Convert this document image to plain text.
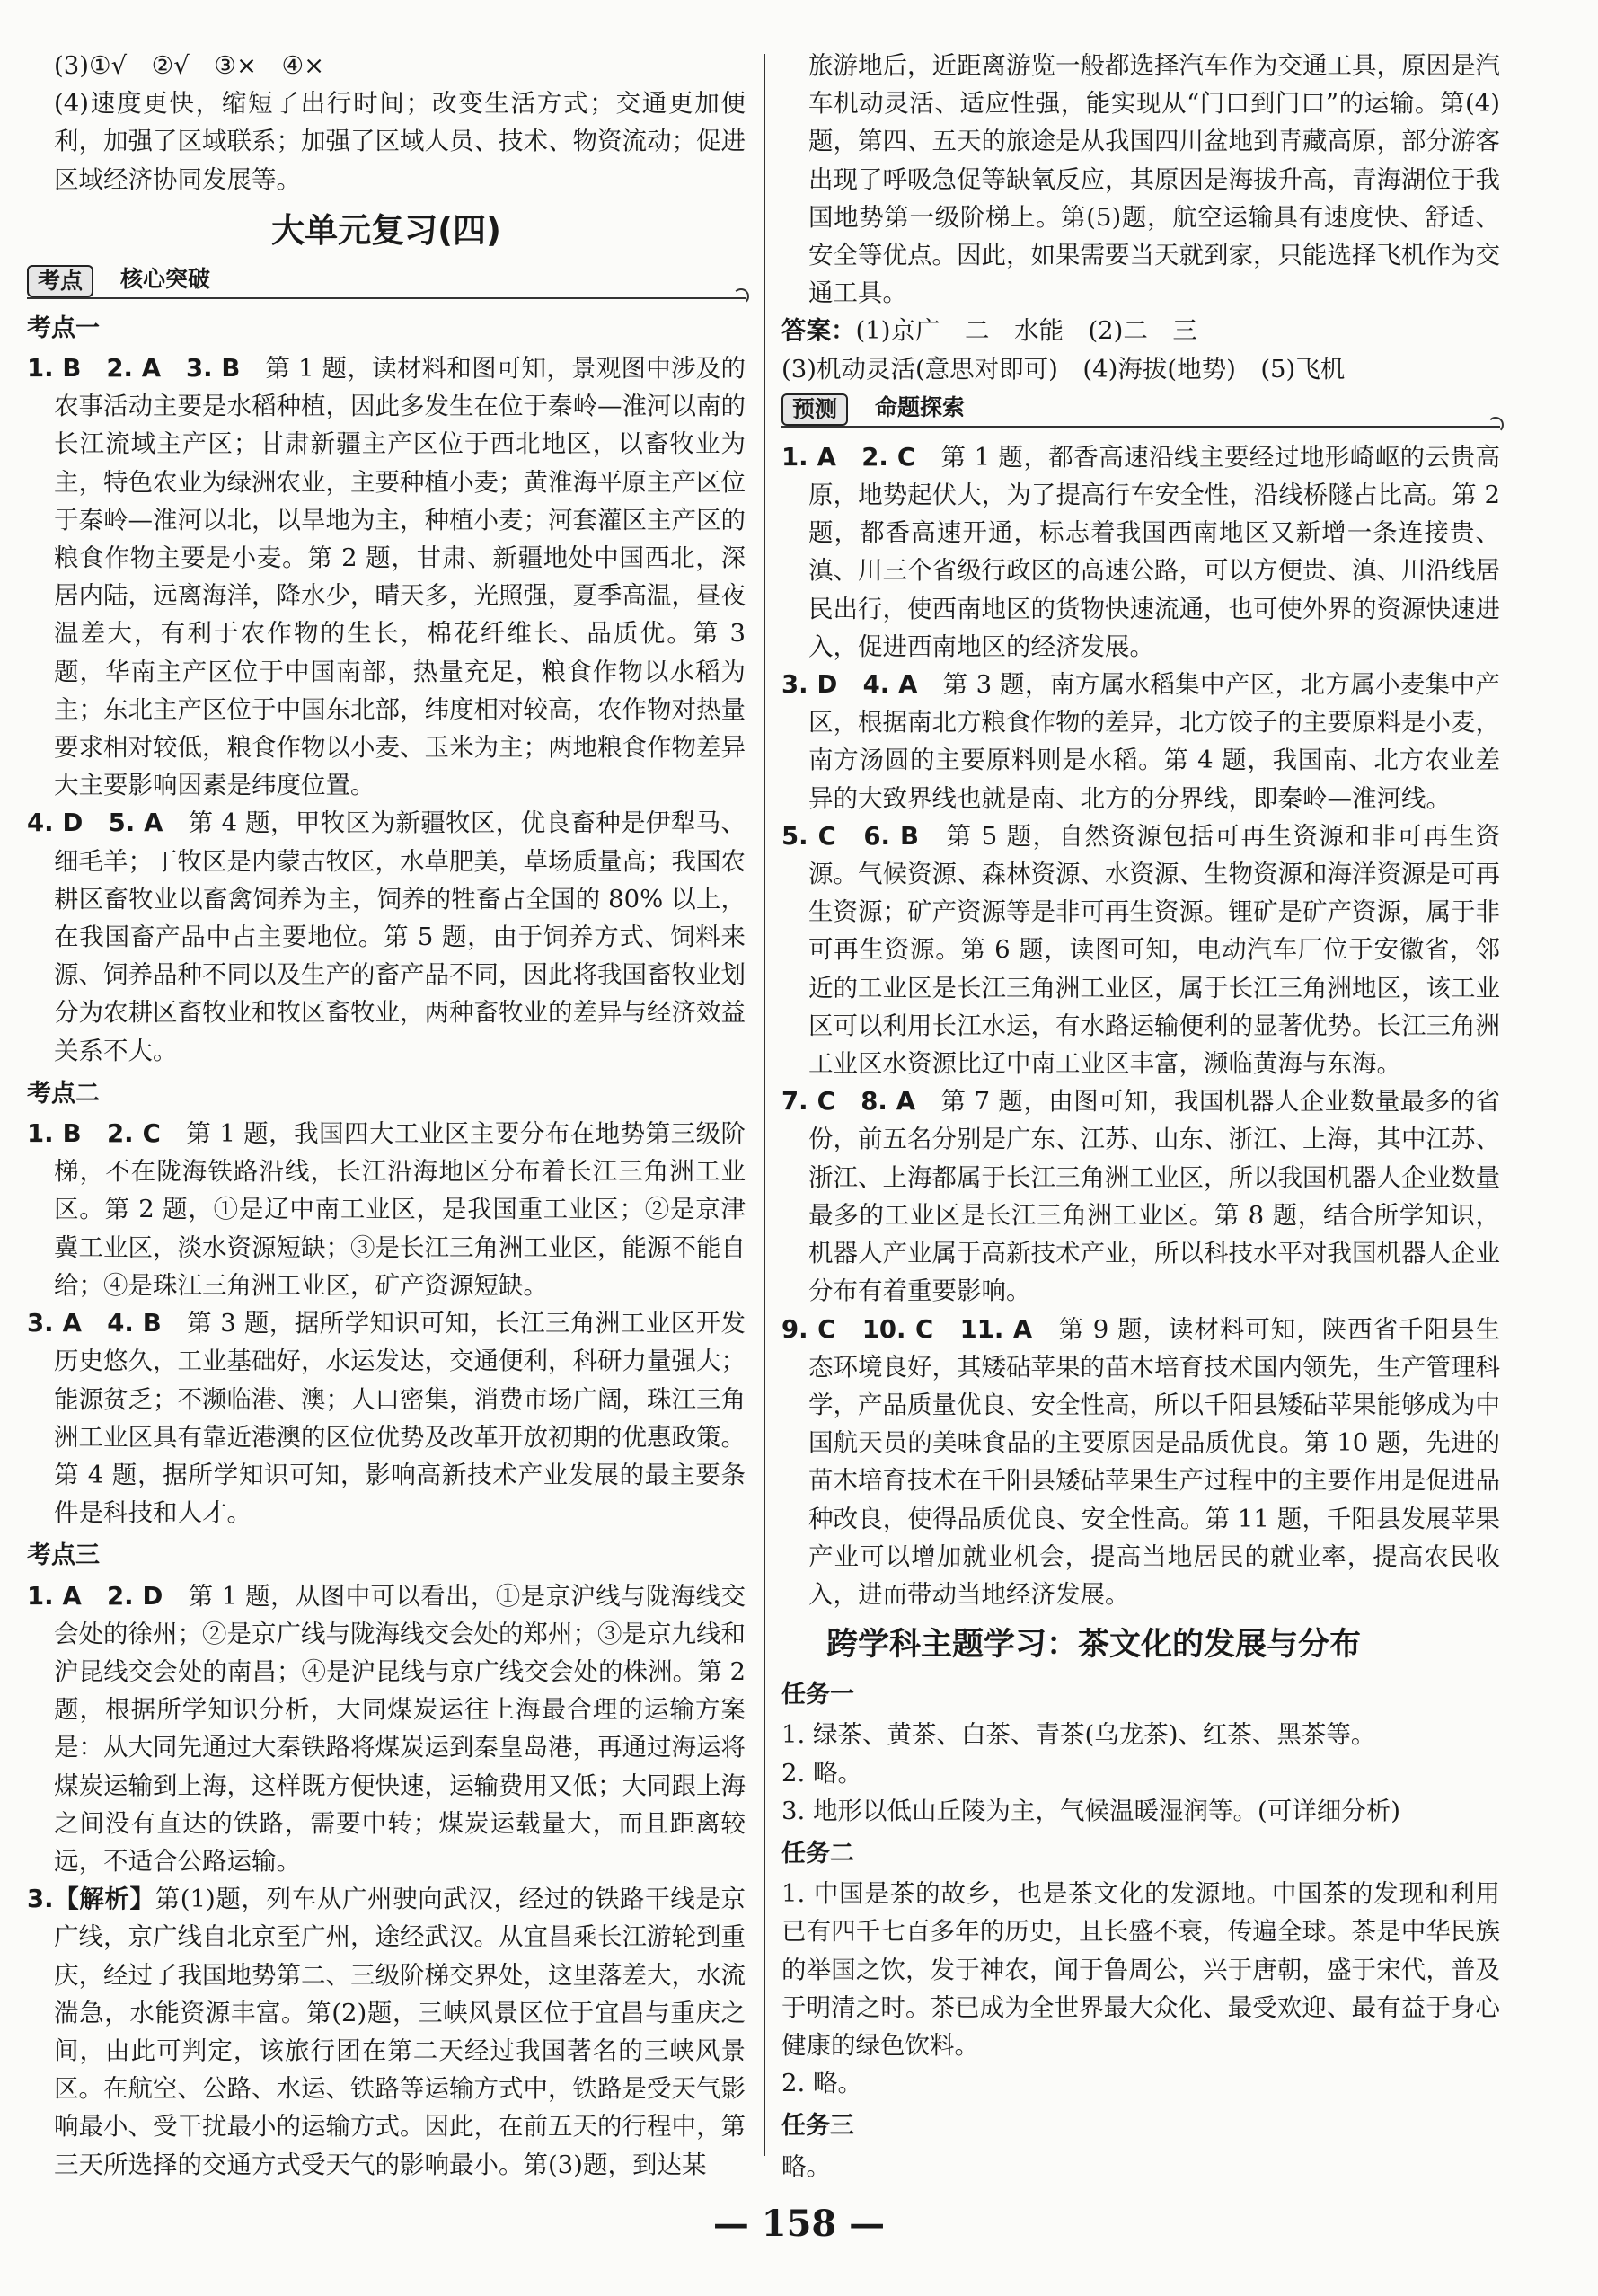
(3)①√　②√　③×　④×

(4)速度更快，缩短了出行时间；改变生活方式；交通更加便利，加强了区域联系；加强了区域人员、技术、物资流动；促进区域经济协同发展等。

大单元复习(四)

考点	核心突破

考点一

1. B　2. A　3. B　 第 1 题，读材料和图可知，景观图中涉及的农事活动主要是水稻种植，因此多发生在位于秦岭—淮河以南的长江流域主产区；甘肃新疆主产区位于西北地区，以畜牧业为主，特色农业为绿洲农业，主要种植小麦；黄淮海平原主产区位于秦岭—淮河以北，以旱地为主，种植小麦；河套灌区主产区的粮食作物主要是小麦。第 2 题，甘肃、新疆地处中国西北，深居内陆，远离海洋，降水少，晴天多，光照强，夏季高温，昼夜温差大，有利于农作物的生长，棉花纤维长、品质优。第 3 题，华南主产区位于中国南部，热量充足，粮食作物以水稻为主；东北主产区位于中国东北部，纬度相对较高，农作物对热量要求相对较低，粮食作物以小麦、玉米为主；两地粮食作物差异大主要影响因素是纬度位置。

4. D　5. A　 第 4 题，甲牧区为新疆牧区，优良畜种是伊犁马、细毛羊；丁牧区是内蒙古牧区，水草肥美，草场质量高；我国农耕区畜牧业以畜禽饲养为主，饲养的牲畜占全国的 80% 以上，在我国畜产品中占主要地位。第 5 题，由于饲养方式、饲料来源、饲养品种不同以及生产的畜产品不同，因此将我国畜牧业划分为农耕区畜牧业和牧区畜牧业，两种畜牧业的差异与经济效益关系不大。

考点二

1. B　2. C　 第 1 题，我国四大工业区主要分布在地势第三级阶梯，不在陇海铁路沿线，长江沿海地区分布着长江三角洲工业区。第 2 题，①是辽中南工业区，是我国重工业区；②是京津冀工业区，淡水资源短缺；③是长江三角洲工业区，能源不能自给；④是珠江三角洲工业区，矿产资源短缺。

3. A　4. B　 第 3 题，据所学知识可知，长江三角洲工业区开发历史悠久，工业基础好，水运发达，交通便利，科研力量强大；能源贫乏；不濒临港、澳；人口密集，消费市场广阔，珠江三角洲工业区具有靠近港澳的区位优势及改革开放初期的优惠政策。第 4 题，据所学知识可知，影响高新技术产业发展的最主要条件是科技和人才。

考点三

1. A　2. D　 第 1 题，从图中可以看出，①是京沪线与陇海线交会处的徐州；②是京广线与陇海线交会处的郑州；③是京九线和沪昆线交会处的南昌；④是沪昆线与京广线交会处的株洲。第 2 题，根据所学知识分析，大同煤炭运往上海最合理的运输方案是：从大同先通过大秦铁路将煤炭运到秦皇岛港，再通过海运将煤炭运输到上海，这样既方便快速，运输费用又低；大同跟上海之间没有直达的铁路，需要中转；煤炭运载量大，而且距离较远，不适合公路运输。

3.【解析】第(1)题，列车从广州驶向武汉，经过的铁路干线是京广线，京广线自北京至广州，途经武汉。从宜昌乘长江游轮到重庆，经过了我国地势第二、三级阶梯交界处，这里落差大，水流湍急，水能资源丰富。第(2)题，三峡风景区位于宜昌与重庆之间，由此可判定，该旅行团在第二天经过我国著名的三峡风景区。在航空、公路、水运、铁路等运输方式中，铁路是受天气影响最小、受干扰最小的运输方式。因此，在前五天的行程中，第三天所选择的交通方式受天气的影响最小。第(3)题，到达某

旅游地后，近距离游览一般都选择汽车作为交通工具，原因是汽车机动灵活、适应性强，能实现从“门口到门口”的运输。第(4)题，第四、五天的旅途是从我国四川盆地到青藏高原，部分游客出现了呼吸急促等缺氧反应，其原因是海拔升高，青海湖位于我国地势第一级阶梯上。第(5)题，航空运输具有速度快、舒适、安全等优点。因此，如果需要当天就到家，只能选择飞机作为交通工具。

答案：(1)京广　二　水能　(2)二　三

(3)机动灵活(意思对即可)　(4)海拔(地势)　(5)飞机

预测	命题探索

1. A　2. C　 第 1 题，都香高速沿线主要经过地形崎岖的云贵高原，地势起伏大，为了提高行车安全性，沿线桥隧占比高。第 2 题，都香高速开通，标志着我国西南地区又新增一条连接贵、滇、川三个省级行政区的高速公路，可以方便贵、滇、川沿线居民出行，使西南地区的货物快速流通，也可使外界的资源快速进入，促进西南地区的经济发展。

3. D　4. A　 第 3 题，南方属水稻集中产区，北方属小麦集中产区，根据南北方粮食作物的差异，北方饺子的主要原料是小麦，南方汤圆的主要原料则是水稻。第 4 题，我国南、北方农业差异的大致界线也就是南、北方的分界线，即秦岭—淮河线。

5. C　6. B　 第 5 题，自然资源包括可再生资源和非可再生资源。气候资源、森林资源、水资源、生物资源和海洋资源是可再生资源；矿产资源等是非可再生资源。锂矿是矿产资源，属于非可再生资源。第 6 题，读图可知，电动汽车厂位于安徽省，邻近的工业区是长江三角洲工业区，属于长江三角洲地区，该工业区可以利用长江水运，有水路运输便利的显著优势。长江三角洲工业区水资源比辽中南工业区丰富，濒临黄海与东海。

7. C　8. A　 第 7 题，由图可知，我国机器人企业数量最多的省份，前五名分别是广东、江苏、山东、浙江、上海，其中江苏、浙江、上海都属于长江三角洲工业区，所以我国机器人企业数量最多的工业区是长江三角洲工业区。第 8 题，结合所学知识，机器人产业属于高新技术产业，所以科技水平对我国机器人企业分布有着重要影响。

9. C　10. C　11. A　 第 9 题，读材料可知，陕西省千阳县生态环境良好，其矮砧苹果的苗木培育技术国内领先，生产管理科学，产品质量优良、安全性高，所以千阳县矮砧苹果能够成为中国航天员的美味食品的主要原因是品质优良。第 10 题，先进的苗木培育技术在千阳县矮砧苹果生产过程中的主要作用是促进品种改良，使得品质优良、安全性高。第 11 题，千阳县发展苹果产业可以增加就业机会，提高当地居民的就业率，提高农民收入，进而带动当地经济发展。

跨学科主题学习：茶文化的发展与分布

任务一

1. 绿茶、黄茶、白茶、青茶(乌龙茶)、红茶、黑茶等。

2. 略。

3. 地形以低山丘陵为主，气候温暖湿润等。(可详细分析)

任务二

1. 中国是茶的故乡，也是茶文化的发源地。中国茶的发现和利用已有四千七百多年的历史，且长盛不衰，传遍全球。茶是中华民族的举国之饮，发于神农，闻于鲁周公，兴于唐朝，盛于宋代，普及于明清之时。茶已成为全世界最大众化、最受欢迎、最有益于身心健康的绿色饮料。

2. 略。

任务三

略。

— 158 —
